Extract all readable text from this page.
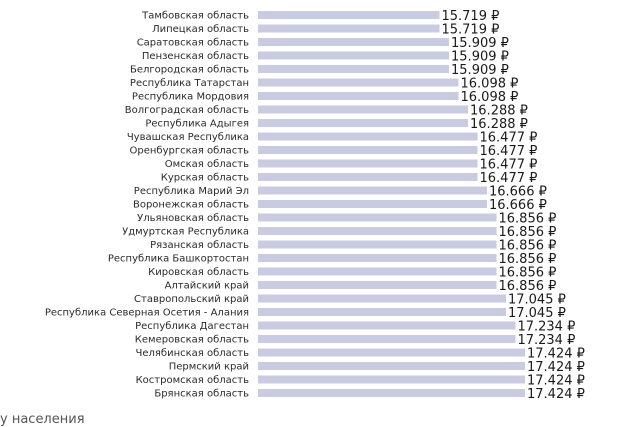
Тамбовская область	15.719 ₽
Липецкая область	15.719 ₽
Саратовская область	15.909 ₽
Пензенская область	15.909 ₽
Белгородская область	15.909 ₽
Республика Татарстан	16.098 ₽
Республика Мордовия	16.098 ₽
Волгоградская область	16.288 ₽
Республика Адыгея	16.288 ₽
Чувашская Республика	16.477 ₽
Оренбургская область	16.477 ₽
Омская область	16.477 ₽
Курская область	16.477 ₽
Республика Марий Эл	16.666 ₽
Воронежская область	16.666 ₽
Ульяновская область	16.856 ₽
Удмуртская Республика	16.856 ₽
Рязанская область	16.856 ₽
Республика Башкортостан	16.856 ₽
Кировская область	16.856 ₽
Алтайский край	16.856 ₽
Ставропольский край	17.045 ₽
Республика Северная Осетия - Алания	17.045 ₽
Республика Дагестан	17.234 ₽
Кемеровская область	17.234 ₽
Челябинская область	17.424 ₽
Пермский край	17.424 ₽
Костромская область	17.424 ₽
Брянская область	17.424 ₽
у населения
